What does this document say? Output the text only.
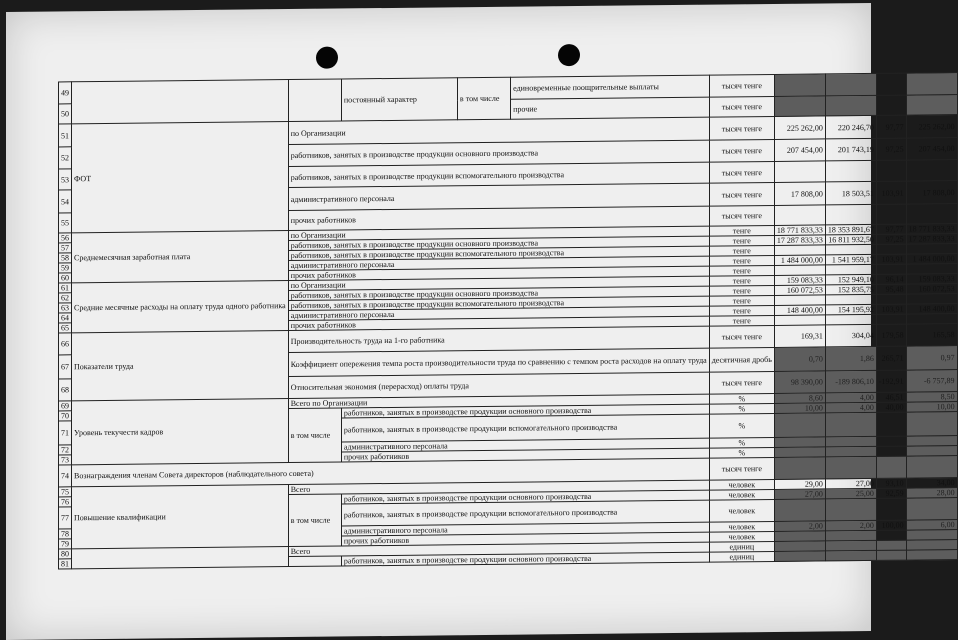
49			постоянный характер	в том числе	единовременные поощрительные выплаты	тысяч тенге				
50					прочие	тысяч тенге				
51	ФОТ	по Организации				тысяч тенге	225 262,00	220 246,70	97,77	225 262,00
52		работников, занятых в производстве продукции основного производства				тысяч тенге	207 454,00	201 743,19	97,25	207 454,00
53		работников, занятых в производстве продукции вспомогательного производства				тысяч тенге				
54		административного персонала				тысяч тенге	17 808,00	18 503,51	103,91	17 808,00
55		прочих работников				тысяч тенге				
56	Среднемесячная заработная плата	по Организации				тенге	18 771 833,33	18 353 891,67	97,77	18 771 833,33
57		работников, занятых в производстве продукции основного производства				тенге	17 287 833,33	16 811 932,50	97,25	17 287 833,33
58		работников, занятых в производстве продукции вспомогательного производства				тенге				
59		административного персонала				тенге	1 484 000,00	1 541 959,17	103,91	1 484 000,00
60		прочих работников				тенге				
61	Средние месячные расходы на оплату труда одного работника	по Организации				тенге	159 083,33	152 949,10	96,14	159 083,33
62		работников, занятых в производстве продукции основного производства				тенге	160 072,53	152 835,75	95,48	160 072,53
63		работников, занятых в производстве продукции вспомогательного производства				тенге				
64		административного персонала				тенге	148 400,00	154 195,92	103,91	148 400,00
65		прочих работников				тенге				
66	Показатели труда	Производительность труда на 1-го работника				тысяч тенге	169,31	304,04	179,58	165,58
67		Коэффициент опережения темпа роста производительности труда по сравнению с темпом роста расходов на оплату труда				десятичная дробь	0,70	1,86	265,71	0,97
68		Относительная экономия (перерасход) оплаты труда				тысяч тенге	98 390,00	-189 806,10	-192,91	-6 757,89
69	Уровень текучести кадров	Всего по Организации				%	8,60	4,00	46,51	8,50
70		в том числе	работников, занятых в производстве продукции основного производства			%	10,00	4,00	40,00	10,00
71			работников, занятых в производстве продукции вспомогательного производства			%				
72			административного персонала			%				
73			прочих работников			%				
74	Вознаграждения членам Совета директоров (наблюдательного совета)					тысяч тенге				
75	Повышение квалификации	Всего				человек	29,00	27,00	93,10	34,00
76		в том числе	работников, занятых в производстве продукции основного производства			человек	27,00	25,00	92,59	28,00
77			работников, занятых в производстве продукции вспомогательного производства			человек				
78			административного персонала			человек	2,00	2,00	100,00	6,00
79			прочих работников			человек				
80		Всего				единиц				
81			работников, занятых в производстве продукции основного производства			единиц				
